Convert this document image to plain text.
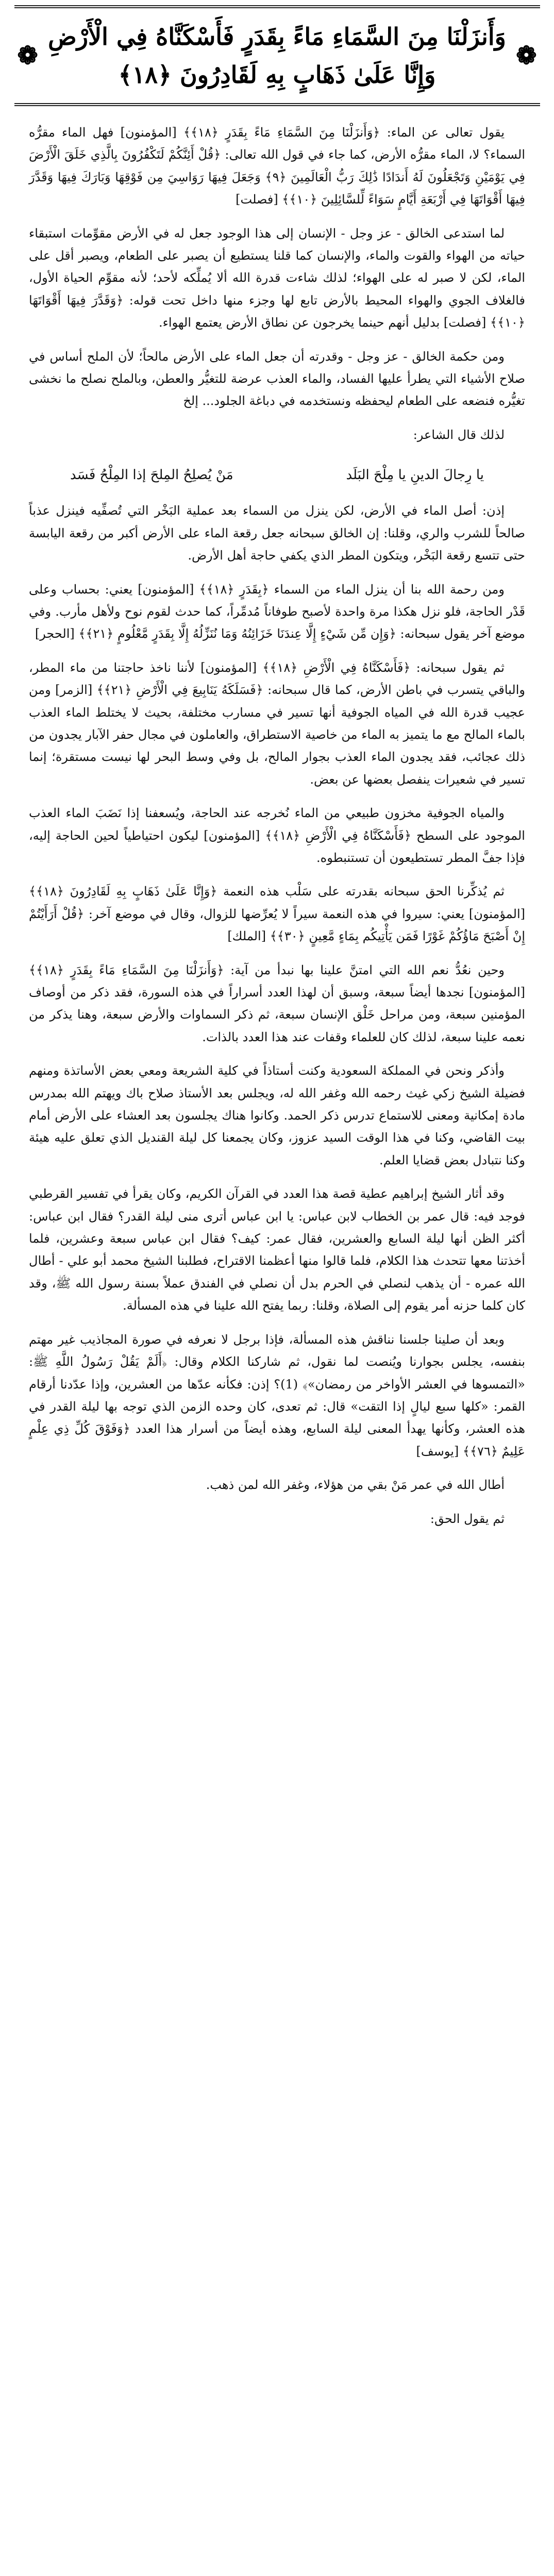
❁
وَأَنزَلْنَا مِنَ السَّمَاءِ مَاءً بِقَدَرٍ فَأَسْكَنَّاهُ فِي الْأَرْضِ
وَإِنَّا عَلَىٰ ذَهَابٍ بِهِ لَقَادِرُونَ ﴿١٨﴾
❁

يقول تعالى عن الماء: ﴿وَأَنزَلْنَا مِنَ السَّمَاءِ مَاءً بِقَدَرٍ ﴿١٨﴾﴾ [المؤمنون] فهل الماء مقرُّه السماء؟ لا، الماء مقرُّه الأرض، كما جاء في قول الله تعالى: ﴿قُلْ أَئِنَّكُمْ لَتَكْفُرُونَ بِالَّذِي خَلَقَ الْأَرْضَ فِي يَوْمَيْنِ وَتَجْعَلُونَ لَهُ أَندَادًا ذَٰلِكَ رَبُّ الْعَالَمِينَ ﴿٩﴾ وَجَعَلَ فِيهَا رَوَاسِيَ مِن فَوْقِهَا وَبَارَكَ فِيهَا وَقَدَّرَ فِيهَا أَقْوَاتَهَا فِي أَرْبَعَةِ أَيَّامٍ سَوَاءً لِّلسَّائِلِينَ ﴿١٠﴾﴾ [فصلت]

لما استدعى الخالق - عز وجل - الإنسان إلى هذا الوجود جعل له في الأرض مقوِّمات استبقاء حياته من الهواء والقوت والماء، والإنسان كما قلنا يستطيع أن يصبر على الطعام، ويصبر أقل على الماء، لكن لا صبر له على الهواء؛ لذلك شاءت قدرة الله ألا يُملِّكه لأحد؛ لأنه مقوِّم الحياة الأول، فالغلاف الجوي والهواء المحيط بالأرض تابع لها وجزء منها داخل تحت قوله: ﴿وَقَدَّرَ فِيهَا أَقْوَاتَهَا ﴿١٠﴾﴾ [فصلت] بدليل أنهم حينما يخرجون عن نطاق الأرض يعتمع الهواء.

ومن حكمة الخالق - عز وجل - وقدرته أن جعل الماء على الأرض مالحاً؛ لأن الملح أساس في صلاح الأشياء التي يطرأ عليها الفساد، والماء العذب عرضة للتغيُّر والعطن، وبالملح نصلح ما نخشى تغيُّره فنضعه على الطعام ليحفظه ونستخدمه في دباغة الجلود... إلخ

لذلك قال الشاعر:

يا رِجالَ الدينِ يا مِلْحَ البَلَد
مَنْ يُصلِحُ المِلحَ إذا المِلْحُ فَسَد

إذن: أصل الماء في الأرض، لكن ينزل من السماء بعد عملية البَخْر التي تُصفِّيه فينزل عذباً صالحاً للشرب والري، وقلنا: إن الخالق سبحانه جعل رقعة الماء على الأرض أكبر من رقعة اليابسة حتى تتسع رقعة البَخْر، ويتكون المطر الذي يكفي حاجة أهل الأرض.

ومن رحمة الله بنا أن ينزل الماء من السماء ﴿بِقَدَرٍ ﴿١٨﴾﴾ [المؤمنون] يعني: بحساب وعلى قَدْر الحاجة، فلو نزل هكذا مرة واحدة لأصبح طوفاناً مُدمِّراً، كما حدث لقوم نوح ولأهل مأرب. وفي موضع آخر يقول سبحانه: ﴿وَإِن مِّن شَيْءٍ إِلَّا عِندَنَا خَزَائِنُهُ وَمَا نُنَزِّلُهُ إِلَّا بِقَدَرٍ مَّعْلُومٍ ﴿٢١﴾﴾ [الحجر]

ثم يقول سبحانه: ﴿فَأَسْكَنَّاهُ فِي الْأَرْضِ ﴿١٨﴾﴾ [المؤمنون] لأننا ناخذ حاجتنا من ماء المطر، والباقي يتسرب في باطن الأرض، كما قال سبحانه: ﴿فَسَلَكَهُ يَنَابِيعَ فِي الْأَرْضِ ﴿٢١﴾﴾ [الزمر] ومن عجيب قدرة الله في المياه الجوفية أنها تسير في مسارب مختلفة، بحيث لا يختلط الماء العذب بالماء المالح مع ما يتميز به الماء من خاصية الاستطراق، والعاملون في مجال حفر الآبار يجدون من ذلك عجائب، فقد يجدون الماء العذب بجوار المالح، بل وفي وسط البحر لها نيست مستقرة؛ إنما تسير في شعيرات ينفصل بعضها عن بعض.

والمياه الجوفية مخزون طبيعي من الماء نُخرجه عند الحاجة، ويُسعفنا إذا نَضَبَ الماء العذب الموجود على السطح ﴿فَأَسْكَنَّاهُ فِي الْأَرْضِ ﴿١٨﴾﴾ [المؤمنون] ليكون احتياطياً لحين الحاجة إليه، فإذا جفَّ المطر تستطيعون أن تستنبطوه.

ثم يُذكِّرنا الحق سبحانه بقدرته على سَلْب هذه النعمة ﴿وَإِنَّا عَلَىٰ ذَهَابٍ بِهِ لَقَادِرُونَ ﴿١٨﴾﴾ [المؤمنون] يعني: سيروا في هذه النعمة سيراً لا يُعرِّضها للزوال، وقال في موضع آخر: ﴿قُلْ أَرَأَيْتُمْ إِنْ أَصْبَحَ مَاؤُكُمْ غَوْرًا فَمَن يَأْتِيكُم بِمَاءٍ مَّعِينٍ ﴿٣٠﴾﴾ [الملك]

وحين نعُدُّ نعم الله التي امتنَّ علينا بها نبدأ من آية: ﴿وَأَنزَلْنَا مِنَ السَّمَاءِ مَاءً بِقَدَرٍ ﴿١٨﴾﴾ [المؤمنون] نجدها أيضاً سبعة، وسبق أن لهذا العدد أسراراً في هذه السورة، فقد ذكر من أوصاف المؤمنين سبعة، ومن مراحل خَلْق الإنسان سبعة، ثم ذكر السماوات والأرض سبعة، وهنا يذكر من نعمه علينا سبعة، لذلك كان للعلماء وقفات عند هذا العدد بالذات.

وأذكر ونحن في المملكة السعودية وكنت أستاذاً في كلية الشريعة ومعي بعض الأساتذة ومنهم فضيلة الشيخ زكي غيث رحمه الله وغفر الله له، ويجلس بعد الأستاذ صلاح باك ويهتم الله بمدرس مادة إمكانية ومعنى للاستماع تدرس ذكر الحمد. وكانوا هناك يجلسون بعد العشاء على الأرض أمام بيت القاضي، وكنا في هذا الوقت السيد عزوز، وكان يجمعنا كل ليلة القنديل الذي تعلق عليه هيئة وكنا نتبادل بعض قضايا العلم.

وقد أثار الشيخ إبراهيم عطية قصة هذا العدد في القرآن الكريم، وكان يقرأ في تفسير القرطبي فوجد فيه: قال عمر بن الخطاب لابن عباس: يا ابن عباس أترى منى ليلة القدر؟ فقال ابن عباس: أكثر الظن أنها ليلة السابع والعشرين، فقال عمر: كيف؟ فقال ابن عباس سبعة وعشرين، فلما أخذتنا معها تتحدث هذا الكلام، فلما قالوا منها أعظمنا الاقتراح، فطلبنا الشيخ محمد أبو علي - أطال الله عمره - أن يذهب لنصلي في الحرم بدل أن نصلي في الفندق عملاً بسنة رسول الله ﷺ، وقد كان كلما حزنه أمر يقوم إلى الصلاة، وقلنا: ربما يفتح الله علينا في هذه المسألة.

وبعد أن صلينا جلسنا نناقش هذه المسألة، فإذا برجل لا نعرفه في صورة المجاذيب غير مهتم بنفسه، يجلس بجوارنا ويُنصت لما نقول، ثم شاركنا الكلام وقال: ﴿أَلَمْ يَقُلْ رَسُولُ اللَّهِ ﷺ: «التمسوها في العشر الأواخر من رمضان»﴾ (1)؟ إذن: فكأنه عدّها من العشرين، وإذا عدّدنا أرقام القمر: «كلها سبع ليالٍ إذا التقت» قال: ثم تعدى، كان وحده الزمن الذي توجه بها ليلة القدر في هذه العشر، وكأنها يهدأ المعنى ليلة السابع، وهذه أيضاً من أسرار هذا العدد ﴿وَفَوْقَ كُلِّ ذِي عِلْمٍ عَلِيمٌ ﴿٧٦﴾﴾ [يوسف]

أطال الله في عمر مَنْ بقي من هؤلاء، وغفر الله لمن ذهب.

ثم يقول الحق:
